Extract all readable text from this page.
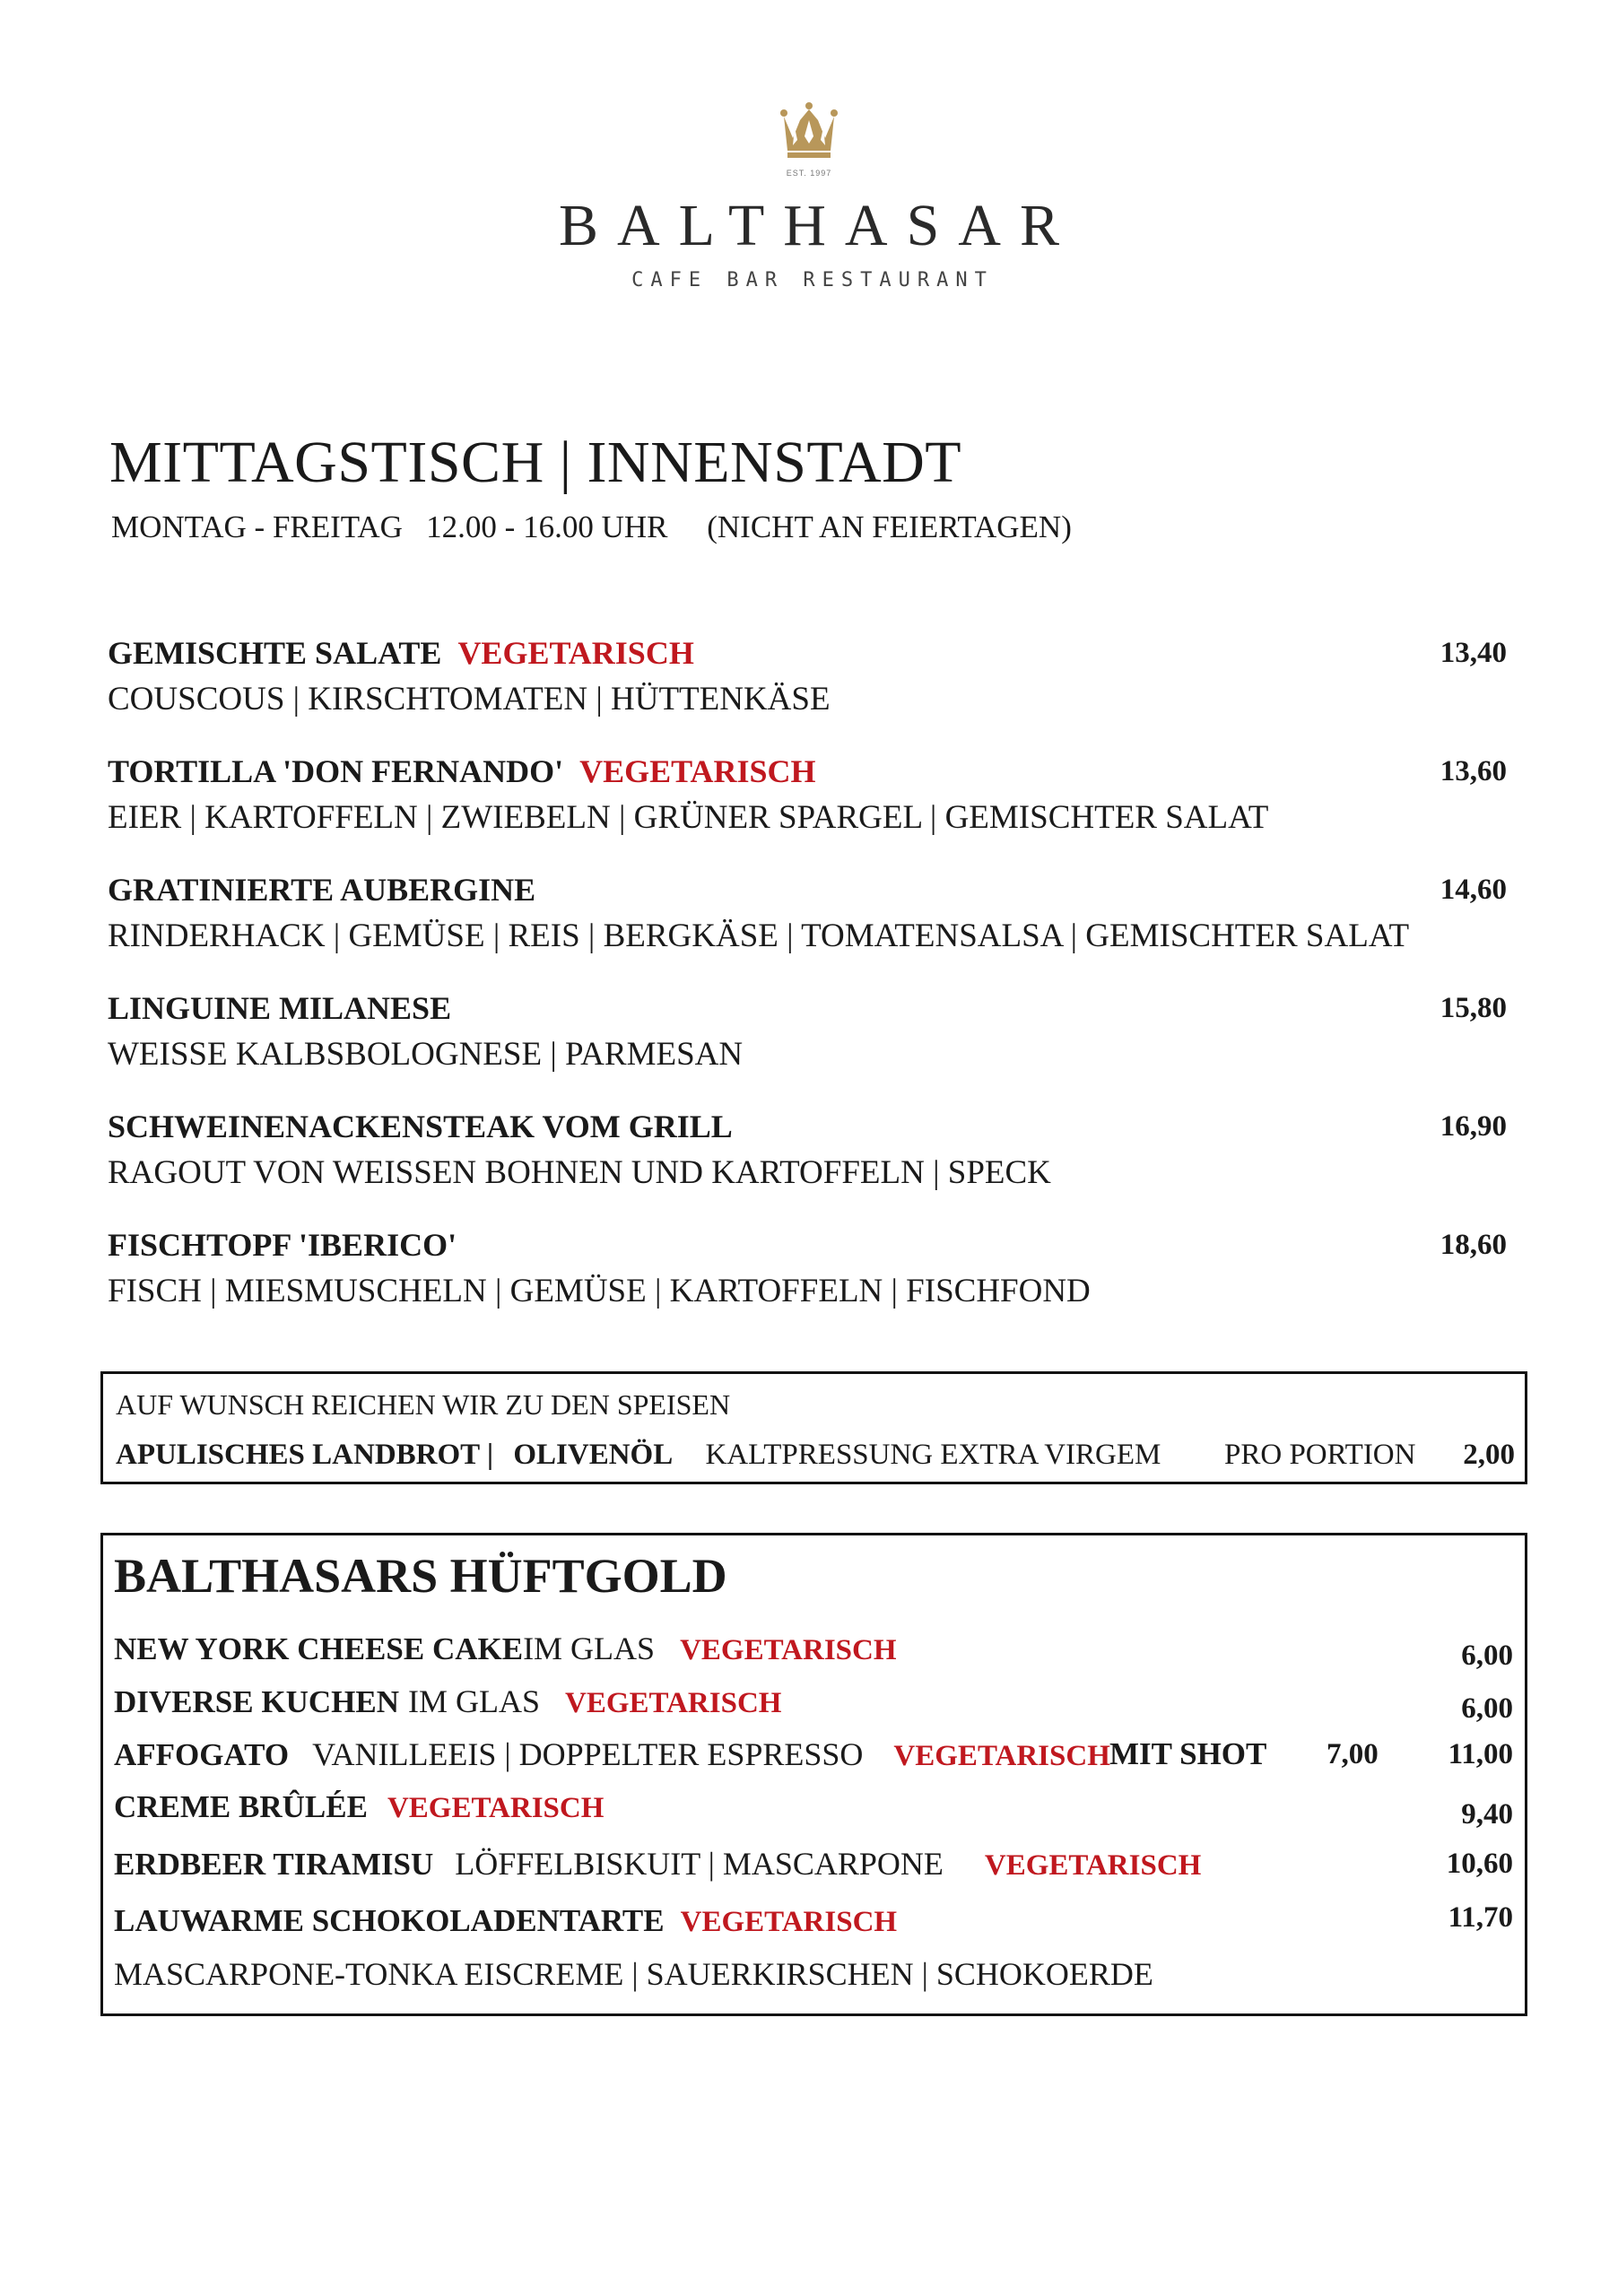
EST. 1997
BALTHASAR
CAFE BAR RESTAURANT
MITTAGSTISCH | INNENSTADT
MONTAG - FREITAG   12.00 - 16.00 UHR     (NICHT AN FEIERTAGEN)
GEMISCHTE SALATE VEGETARISCH
COUSCOUS | KIRSCHTOMATEN | HÜTTENKÄSE
13,40
TORTILLA 'DON FERNANDO' VEGETARISCH
EIER | KARTOFFELN | ZWIEBELN | GRÜNER SPARGEL | GEMISCHTER SALAT
13,60
GRATINIERTE AUBERGINE
RINDERHACK | GEMÜSE | REIS | BERGKÄSE | TOMATENSALSA | GEMISCHTER SALAT
14,60
LINGUINE MILANESE
WEISSE KALBSBOLOGNESE | PARMESAN
15,80
SCHWEINENACKENSTEAK VOM GRILL
RAGOUT VON WEISSEN BOHNEN UND KARTOFFELN | SPECK
16,90
FISCHTOPF 'IBERICO'
FISCH | MIESMUSCHELN | GEMÜSE | KARTOFFELN | FISCHFOND
18,60
AUF WUNSCH REICHEN WIR ZU DEN SPEISEN
APULISCHES LANDBROT | OLIVENÖL KALTPRESSUNG EXTRA VIRGEM PRO PORTION 2,00
BALTHASARS HÜFTGOLD
NEW YORK CHEESE CAKEIM GLAS VEGETARISCH	6,00
DIVERSE KUCHEN IM GLAS VEGETARISCH	6,00
AFFOGATO VANILLEEIS | DOPPELTER ESPRESSO VEGETARISCH MIT SHOT 7,00 11,00
CREME BRÛLÉE VEGETARISCH	9,40
ERDBEER TIRAMISU LÖFFELBISKUIT | MASCARPONE VEGETARISCH	10,60
LAUWARME SCHOKOLADENTARTE VEGETARISCH	11,70
MASCARPONE-TONKA EISCREME | SAUERKIRSCHEN | SCHOKOERDE
